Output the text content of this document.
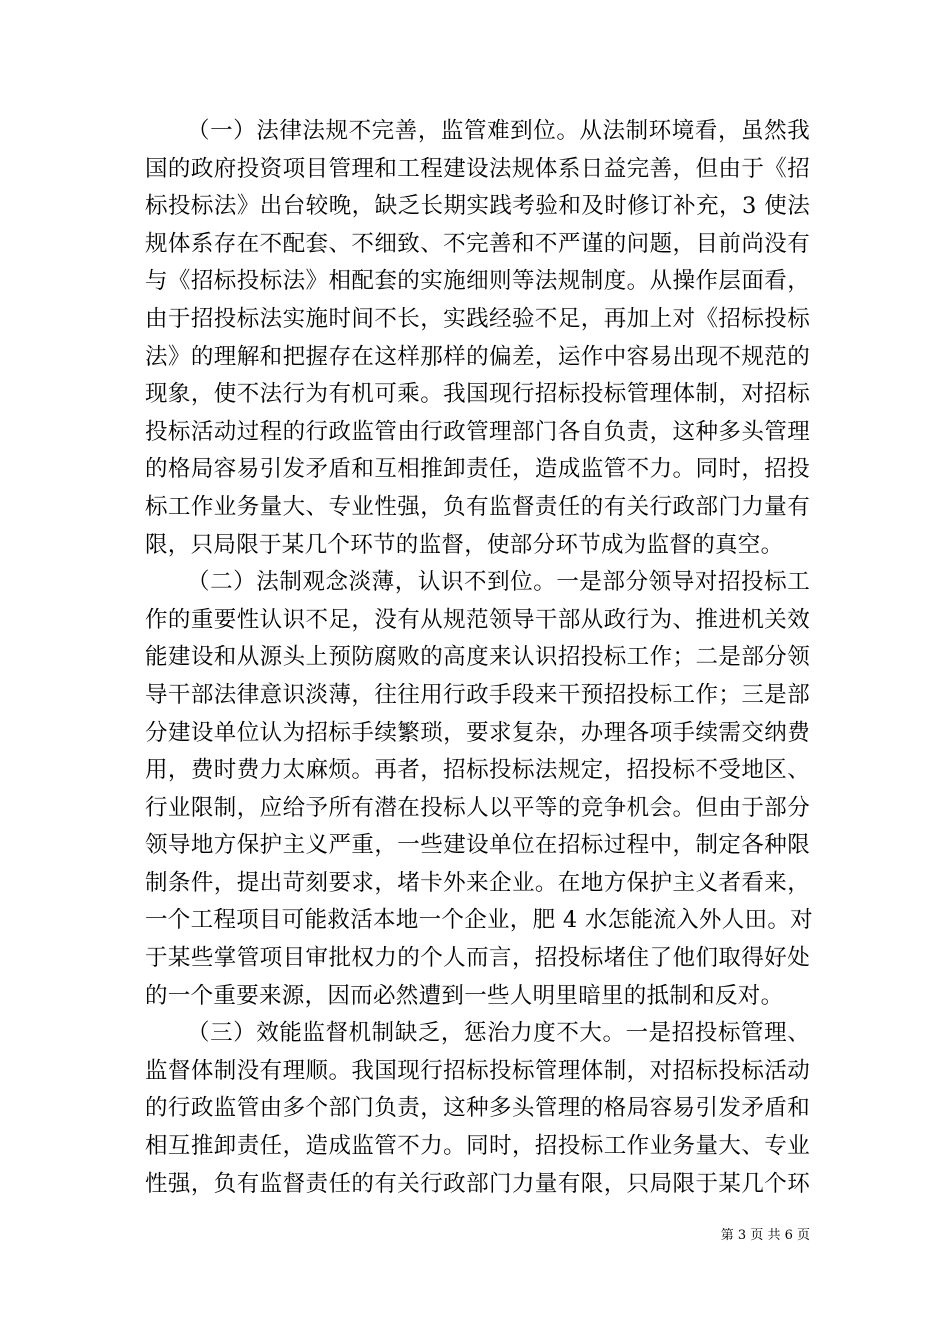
（一）法律法规不完善，监管难到位。从法制环境看，虽然我
国的政府投资项目管理和工程建设法规体系日益完善，但由于《招
标投标法》出台较晚，缺乏长期实践考验和及时修订补充，3 使法
规体系存在不配套、不细致、不完善和不严谨的问题，目前尚没有
与《招标投标法》相配套的实施细则等法规制度。从操作层面看，
由于招投标法实施时间不长，实践经验不足，再加上对《招标投标
法》的理解和把握存在这样那样的偏差，运作中容易出现不规范的
现象，使不法行为有机可乘。我国现行招标投标管理体制，对招标
投标活动过程的行政监管由行政管理部门各自负责，这种多头管理
的格局容易引发矛盾和互相推卸责任，造成监管不力。同时，招投
标工作业务量大、专业性强，负有监督责任的有关行政部门力量有
限，只局限于某几个环节的监督，使部分环节成为监督的真空。
（二）法制观念淡薄，认识不到位。一是部分领导对招投标工
作的重要性认识不足，没有从规范领导干部从政行为、推进机关效
能建设和从源头上预防腐败的高度来认识招投标工作；二是部分领
导干部法律意识淡薄，往往用行政手段来干预招投标工作；三是部
分建设单位认为招标手续繁琐，要求复杂，办理各项手续需交纳费
用，费时费力太麻烦。再者，招标投标法规定，招投标不受地区、
行业限制，应给予所有潜在投标人以平等的竞争机会。但由于部分
领导地方保护主义严重，一些建设单位在招标过程中，制定各种限
制条件，提出苛刻要求，堵卡外来企业。在地方保护主义者看来，
一个工程项目可能救活本地一个企业，肥 4 水怎能流入外人田。对
于某些掌管项目审批权力的个人而言，招投标堵住了他们取得好处
的一个重要来源，因而必然遭到一些人明里暗里的抵制和反对。
（三）效能监督机制缺乏，惩治力度不大。一是招投标管理、
监督体制没有理顺。我国现行招标投标管理体制，对招标投标活动
的行政监管由多个部门负责，这种多头管理的格局容易引发矛盾和
相互推卸责任，造成监管不力。同时，招投标工作业务量大、专业
性强，负有监督责任的有关行政部门力量有限，只局限于某几个环
第 3 页 共 6 页
